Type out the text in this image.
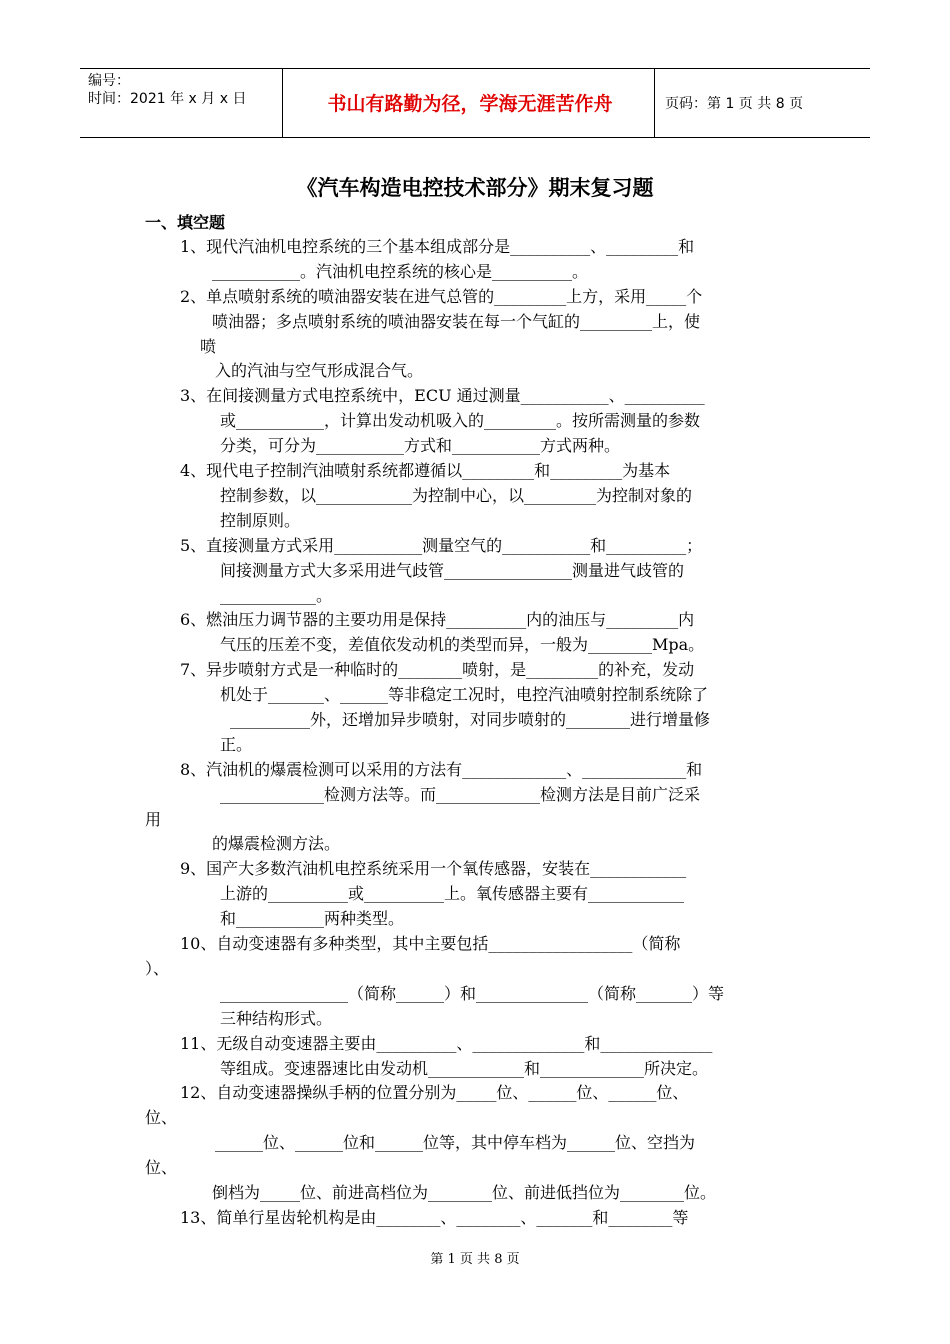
编号：
时间：2021 年 x 月 x 日	书山有路勤为径，学海无涯苦作舟	页码：第 1 页 共 8 页
《汽车构造电控技术部分》期末复习题
一、填空题
1、现代汽油机电控系统的三个基本组成部分是__________、_________和
___________。汽油机电控系统的核心是__________。
2、单点喷射系统的喷油器安装在进气总管的_________上方，采用_____个
喷油器；多点喷射系统的喷油器安装在每一个气缸的_________上，使
喷
入的汽油与空气形成混合气。
3、在间接测量方式电控系统中，ECU 通过测量___________、__________
或___________，计算出发动机吸入的_________。按所需测量的参数
分类，可分为___________方式和___________方式两种。
4、现代电子控制汽油喷射系统都遵循以_________和_________为基本
控制参数，以____________为控制中心，以_________为控制对象的
控制原则。
5、直接测量方式采用___________测量空气的___________和__________；
间接测量方式大多采用进气歧管________________测量进气歧管的
____________。
6、燃油压力调节器的主要功用是保持__________内的油压与_________内
气压的压差不变，差值依发动机的类型而异，一般为________Mpa。
7、异步喷射方式是一种临时的________喷射，是_________的补充，发动
机处于_______、______等非稳定工况时，电控汽油喷射控制系统除了
__________外，还增加异步喷射，对同步喷射的________进行增量修
正。
8、汽油机的爆震检测可以采用的方法有_____________、_____________和
_____________检测方法等。而_____________检测方法是目前广泛采
用
的爆震检测方法。
9、国产大多数汽油机电控系统采用一个氧传感器，安装在____________
上游的__________或__________上。氧传感器主要有____________
和___________两种类型。
10、自动变速器有多种类型，其中主要包括__________________（简称
）、
________________（简称______）和______________（简称_______）等
三种结构形式。
11、无级自动变速器主要由__________、______________和______________
等组成。变速器速比由发动机____________和_____________所决定。
12、自动变速器操纵手柄的位置分别为_____位、______位、______位、
位、
______位、______位和______位等，其中停车档为______位、空挡为
位、
倒档为_____位、前进高档位为________位、前进低挡位为________位。
13、简单行星齿轮机构是由________、________、_______和________等
第 1 页 共 8 页
